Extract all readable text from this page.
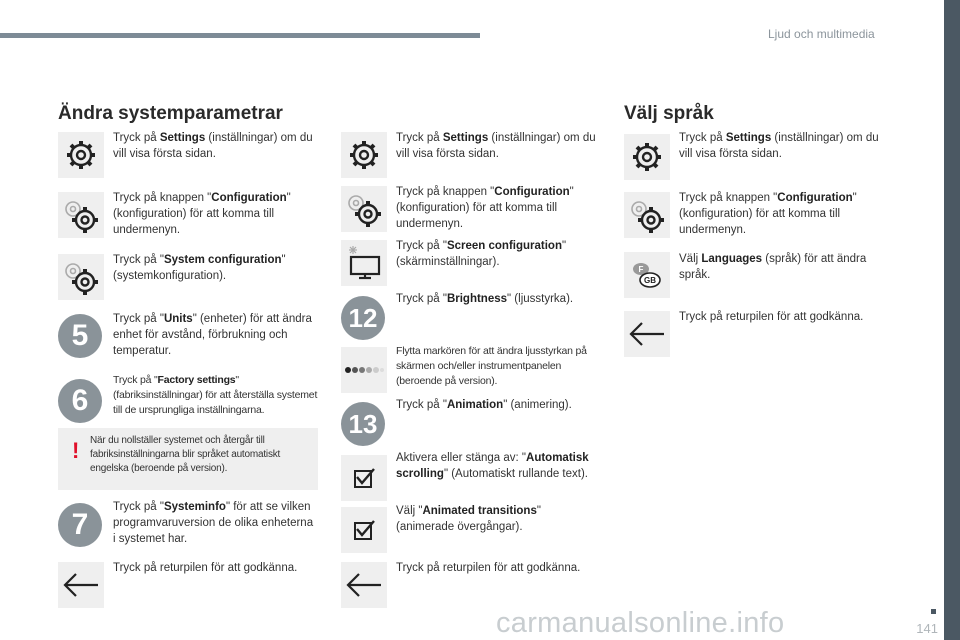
Ljud och multimedia
Ändra systemparametrar
Tryck på Settings (inställningar) om du vill visa första sidan.
Tryck på knappen "Configuration" (konfiguration) för att komma till undermenyn.
Tryck på "System configuration" (systemkonfiguration).
5	Tryck på "Units" (enheter) för att ändra enhet för avstånd, förbrukning och temperatur.
6
Tryck på "Factory settings" (fabriksinställningar) för att återställa systemet till de ursprungliga inställningarna.
! När du nollställer systemet och återgår till fabriksinställningarna blir språket automatiskt engelska (beroende på version).
7
Tryck på "Systeminfo" för att se vilken programvaruversion de olika enheterna i systemet har.
Tryck på returpilen för att godkänna.
Tryck på Settings (inställningar) om du vill visa första sidan.
Tryck på knappen "Configuration" (konfiguration) för att komma till undermenyn.
Tryck på "Screen configuration" (skärminställningar).
12
Tryck på "Brightness" (ljusstyrka).
Flytta markören för att ändra ljusstyrkan på skärmen och/eller instrumentpanelen (beroende på version).
13
Tryck på "Animation" (animering).
Aktivera eller stänga av: "Automatisk scrolling" (Automatiskt rullande text).
Välj "Animated transitions" (animerade övergångar).
Tryck på returpilen för att godkänna.
Välj språk
Tryck på Settings (inställningar) om du vill visa första sidan.
Tryck på knappen "Configuration" (konfiguration) för att komma till undermenyn.
F
GB
Välj Languages (språk) för att ändra språk.
Tryck på returpilen för att godkänna.
141
carmanualsonline.info
